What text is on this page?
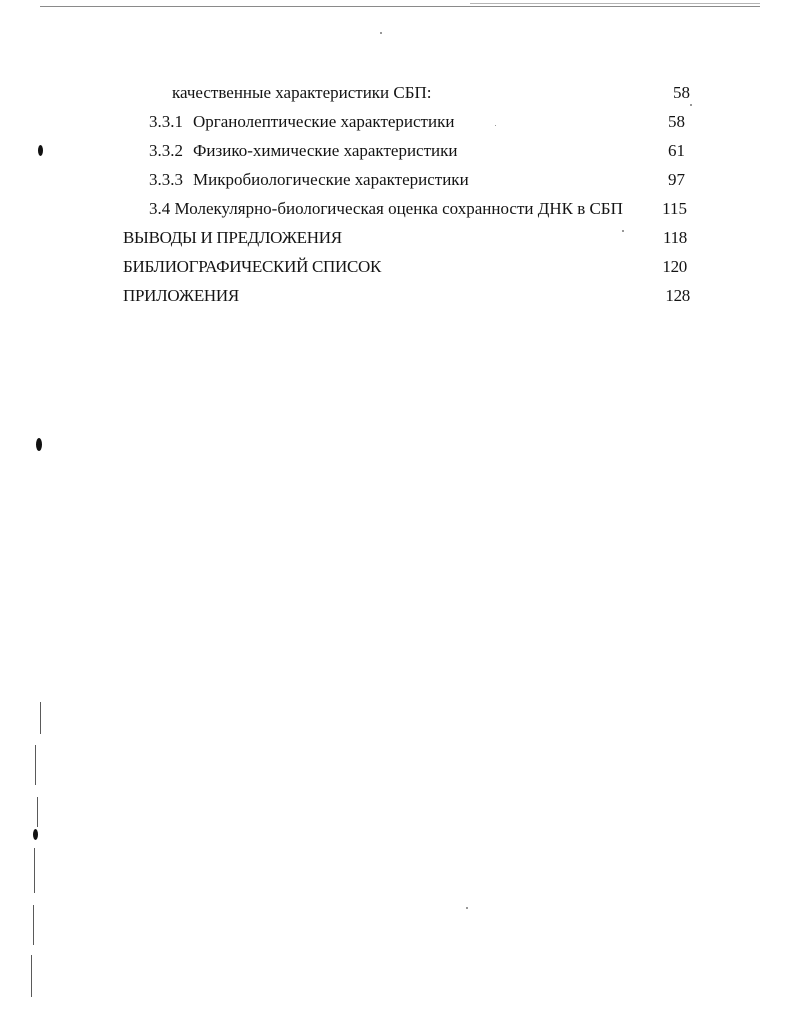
качественные характеристики СБП:	58
3.3.1 Органолептические характеристики	58
3.3.2 Физико-химические характеристики	61
3.3.3 Микробиологические характеристики	97
3.4 Молекулярно-биологическая оценка сохранности ДНК в СБП 115
ВЫВОДЫ И ПРЕДЛОЖЕНИЯ	118
БИБЛИОГРАФИЧЕСКИЙ СПИСОК	120
ПРИЛОЖЕНИЯ	128
